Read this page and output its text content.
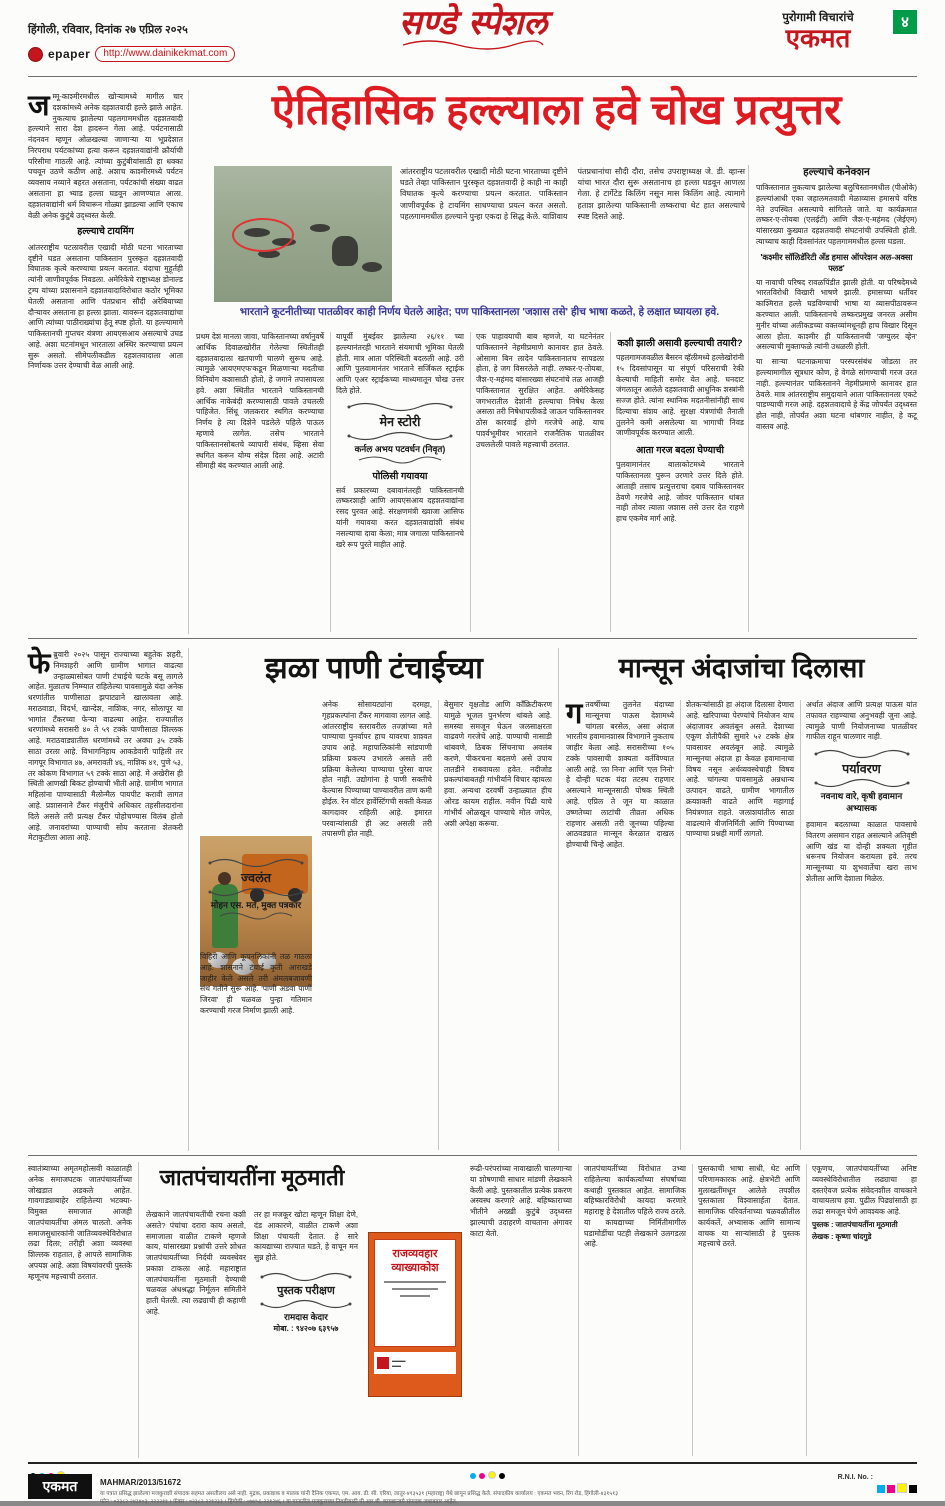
हिंगोली, रविवार, दिनांक २७ एप्रिल २०२५
epaper	http://www.dainikekmat.com
सण्डे स्पेशल	पुरोगामी विचारांचे
एकमत
४
ऐतिहासिक हल्ल्याला हवे चोख प्रत्युत्तर
ज म्मू-काश्मीरमधील खोऱ्यामध्ये मागील चार दशकांमध्ये अनेक दहशतवादी हल्ले झाले आहेत. नुकत्याच झालेल्या पहलगाममधील दहशतवादी हल्ल्याने सारा देश हादरून गेला आहे. पर्यटनासाठी नंदनवन म्हणून ओळखल्या जाणाऱ्या या भूप्रदेशात निरपराध पर्यटकांच्या हत्या करून दहशतवाद्यांनी क्रौर्याची परिसीमा गाठली आहे. त्यांच्या कुटुंबीयांसाठी हा धक्का पचवून उठणे कठीण आहे. अशाच काश्मीरमध्ये पर्यटन व्यवसाय नव्याने बहरत असताना, पर्यटकांची संख्या वाढत असताना हा भ्याड हल्ला घडवून आणण्यात आला. दहशतवाद्यांनी धर्म विचारून गोळ्या झाडल्या आणि एकाच वेळी अनेक कुटुंबे उद्ध्वस्त केली.

हल्ल्याचे टायमिंग

आंतरराष्ट्रीय पटलावरील एखादी मोठी घटना भारताच्या दृष्टीने घडत असताना पाकिस्तान पुरस्कृत दहशतवादी विघातक कृत्ये करण्याचा प्रयत्न करतात. यंदाचा मुहूर्तही त्यांनी जाणीवपूर्वक निवडला. अमेरिकेचे राष्ट्राध्यक्ष डोनाल्ड ट्रम्प यांच्या प्रशासनाने दहशतवादाविरोधात कठोर भूमिका घेतली असताना आणि पंतप्रधान सौदी अरेबियाच्या दौऱ्यावर असताना हा हल्ला झाला. यावरून दहशतवाद्यांचा आणि त्यांच्या पाठीराख्यांचा हेतू स्पष्ट होतो. या हल्ल्यामागे पाकिस्तानची गुप्तचर यंत्रणा आयएसआय असल्याचे उघड आहे. अशा घटनांमधून भारताला अस्थिर करण्याचा प्रयत्न सुरू असतो. सीमेपलीकडील दहशतवादाला आता निर्णायक उत्तर देण्याची वेळ आली आहे.

आंतरराष्ट्रीय पटलावरील एखादी मोठी घटना भारताच्या दृष्टीने घडते तेव्हा पाकिस्तान पुरस्कृत दहशतवादी हे काही ना काही विघातक कृत्ये करण्याचा प्रयत्न करतात. पाकिस्तान जाणीवपूर्वक हे टायमिंग साधण्याचा प्रयत्न करत असतो. पहलगाममधील हल्ल्याने पुन्हा एकदा हे सिद्ध केले. याशिवाय पंतप्रधानांचा सौदी दौरा, तसेच उपराष्ट्राध्यक्ष जे. डी. व्हान्स यांचा भारत दौरा सुरू असतानाच हा हल्ला घडवून आणला गेला. हे टार्गेटेड किलिंग नसून मास किलिंग आहे. त्यामागे हताश झालेल्या पाकिस्तानी लष्कराचा थेट हात असल्याचे स्पष्ट दिसते आहे.
भारताने कूटनीतीच्या पातळीवर काही निर्णय घेतले आहेत; पण पाकिस्तानला 'जशास तसे' हीच भाषा कळते, हे लक्षात घ्यायला हवे.
प्रथम देश मानला जावा, पाकिस्तानच्या वर्षानुवर्षे आर्थिक दिवाळखोरीत गेलेल्या स्थितीतही दहशतवादाला खतपाणी घालणे सुरूच आहे. त्यामुळे 'आयएमएफ'कडून मिळणाऱ्या मदतीचा विनियोग कशासाठी होतो, हे जगाने तपासायला हवे. अशा स्थितीत भारताने पाकिस्तानची आर्थिक नाकेबंदी करण्यासाठी पावले उचलली पाहिजेत. सिंधू जलकरार स्थगित करण्याचा निर्णय हे त्या दिशेने पडलेले पहिले पाऊल म्हणावे लागेल. तसेच भारताने पाकिस्तानसोबतचे व्यापारी संबंध, व्हिसा सेवा स्थगित करून योग्य संदेश दिला आहे. अटारी सीमाही बंद करण्यात आली आहे.
यापूर्वी मुंबईवर झालेल्या २६/११ च्या हल्ल्यानंतरही भारताने संयमाची भूमिका घेतली होती. मात्र आता परिस्थिती बदलली आहे. उरी आणि पुलवामानंतर भारताने सर्जिकल स्ट्राईक आणि एअर स्ट्राईकच्या माध्यमातून चोख उत्तर दिले होते.
मेन स्टोरी
कर्नल अभय पटवर्धन (निवृत)
पोलिसी गयावया
सर्व प्रकारच्या दबावानंतरही पाकिस्तानची लष्करशाही आणि आयएसआय दहशतवाद्यांना रसद पुरवत आहे. संरक्षणमंत्री ख्वाजा आसिफ यांनी गयावया करत दहशतवाद्यांशी संबंध नसल्याचा दावा केला; मात्र जगाला पाकिस्तानचे खरे रूप पुरते माहीत आहे.
एक पाहावयाची बाब म्हणजे, या घटनेनंतर पाकिस्तानने नेहमीप्रमाणे कानावर हात ठेवले. ओसामा बिन लादेन पाकिस्तानातच सापडला होता, हे जग विसरलेले नाही. लष्कर-ए-तोयबा, जैश-ए-महंमद यांसारख्या संघटनांचे तळ आजही पाकिस्तानात सुरक्षित आहेत. अमेरिकेसह जगभरातील देशांनी हल्ल्याचा निषेध केला असला तरी निषेधापलीकडे जाऊन पाकिस्तानवर ठोस कारवाई होणे गरजेचे आहे. याच पार्श्वभूमीवर भारताने राजनैतिक पातळीवर उचललेली पावले महत्त्वाची ठरतात.
कशी झाली असावी हल्ल्याची तयारी?
पहलगामजवळील बैसरन व्हॅलीमध्ये हल्लेखोरांनी १५ दिवसांपासून या संपूर्ण परिसराची रेकी केल्याची माहिती समोर येत आहे. घनदाट जंगलातून आलेले दहशतवादी आधुनिक शस्त्रांनी सज्ज होते. त्यांना स्थानिक मदतनीसांनीही साथ दिल्याचा संशय आहे. सुरक्षा यंत्रणांची तैनाती तुलनेने कमी असलेल्या या भागाची निवड जाणीवपूर्वक करण्यात आली.
आता गरज बदला घेण्याची
पुलवामानंतर बालाकोटमध्ये भारताने पाकिस्तानला पुरून उरणारे उत्तर दिले होते. आताही तसाच प्रत्युत्तराचा दबाव पाकिस्तानवर ठेवणे गरजेचे आहे. जोवर पाकिस्तान थांबत नाही तोवर त्याला जशास तसे उत्तर देत राहणे हाच एकमेव मार्ग आहे.
हल्ल्याचे कनेक्शन
पाकिस्तानात नुकत्याच झालेल्या बलुचिस्तानमधील (पीओके) हल्ल्यांआधी एका जहालमतवादी मेळाव्यास हमासचे वरिष्ठ नेते उपस्थित असल्याचे सांगितले जाते. या कार्यक्रमात लष्कर-ए-तोयबा (एलईटी) आणि जैश-ए-महंमद (जेईएम) यांसारख्या कुख्यात दहशतवादी संघटनांची उपस्थिती होती. त्याच्याच काही दिवसांनंतर पहलगाममधील हल्ला घडला.
'कश्मीर सॉलिडॅरिटी अँड हमास ऑपरेशन अल-अक्सा फ्लड'
या नावाची परिषद रावळपिंडीत झाली होती. या परिषदेमध्ये भारतविरोधी विखारी भाषणे झाली. हमासच्या धर्तीवर काश्मिरात हल्ले घडविण्याची भाषा या व्यासपीठावरून करण्यात आली. पाकिस्तानचे लष्करप्रमुख जनरल असीम मुनीर यांच्या अलीकडच्या वक्तव्यांमधूनही हाच विखार दिसून आला होता. काश्मीर ही पाकिस्तानची 'जग्युलर व्हेन' असल्याची मुक्ताफळे त्यांनी उधळली होती.
या साऱ्या घटनाक्रमाचा परस्परसंबंध जोडला तर हल्ल्यामागील सूत्रधार कोण, हे वेगळे सांगण्याची गरज उरत नाही. हल्ल्यानंतर पाकिस्तानने नेहमीप्रमाणे कानावर हात ठेवले. मात्र आंतरराष्ट्रीय समुदायाने आता पाकिस्तानला एकटे पाडण्याची गरज आहे. दहशतवादाचे हे केंद्र जोपर्यंत उद्ध्वस्त होत नाही, तोपर्यंत अशा घटना थांबणार नाहीत, हे कटू वास्तव आहे.
फे ब्रुवारी २०२५ पासून राज्याच्या बहुतेक शहरी, निमशहरी आणि ग्रामीण भागात वाढत्या उन्हाळ्यासोबत पाणी टंचाईचे चटके बसू लागले आहेत. मुळातच निम्म्यात राहिलेल्या पावसामुळे यंदा अनेक धरणांतील पाणीसाठा झपाट्याने खालावला आहे. मराठवाडा, विदर्भ, खान्देश, नाशिक, नगर, सोलापूर या भागांत टँकरच्या फेऱ्या वाढल्या आहेत. राज्यातील धरणांमध्ये सरासरी ४० ते ५९ टक्के पाणीसाठा शिल्लक आहे. मराठवाड्यातील धरणांमध्ये तर अवघा ३५ टक्के साठा उरला आहे. विभागनिहाय आकडेवारी पाहिली तर नागपूर विभागात ४७, अमरावती ४६, नाशिक ४१, पुणे ५३, तर कोकण विभागात ५९ टक्के साठा आहे. मे अखेरीस ही स्थिती आणखी बिकट होण्याची भीती आहे. ग्रामीण भागात महिलांना पाण्यासाठी मैलोन्मैल पायपीट करावी लागत आहे. प्रशासनाने टँकर मंजुरीचे अधिकार तहसीलदारांना दिले असले तरी प्रत्यक्ष टँकर पोहोचण्यास विलंब होतो आहे. जनावरांच्या पाण्याची सोय करताना शेतकरी मेटाकुटीला आला आहे.

झळा पाणी टंचाईच्या
ज्वलंत
मोहन एस. मते, मुक्त पत्रकार
विहिरी आणि कूपनलिकांनी तळ गाठला आहे. शासनाने टंचाई कृती आराखडे जाहीर केले असले तरी अंमलबजावणी संथ गतीने सुरू आहे. 'पाणी अडवा पाणी जिरवा' ही चळवळ पुन्हा गतिमान करण्याची गरज निर्माण झाली आहे.
अनेक सोसायट्यांना दरमहा, गृहप्रकल्पांना टँकर मागवावा लागत आहे. आंतरराष्ट्रीय स्तरावरील तज्ज्ञांच्या मते पाण्याचा पुनर्वापर हाच यावरचा शाश्वत उपाय आहे. महापालिकांनी सांडपाणी प्रक्रिया प्रकल्प उभारले असले तरी प्रक्रिया केलेल्या पाण्याचा पुरेसा वापर होत नाही. उद्योगांना हे पाणी सक्तीचे केल्यास पिण्याच्या पाण्यावरील ताण कमी होईल. रेन वॉटर हार्वेस्टिंगची सक्ती केवळ कागदावर राहिली आहे. इमारत परवान्यांसाठी ही अट असली तरी तपासणी होत नाही.
बेसुमार वृक्षतोड आणि काँक्रिटीकरण यामुळे भूजल पुनर्भरण थांबले आहे. समस्या समजून घेऊन जलसाक्षरता वाढवणे गरजेचे आहे. पाण्याची नासाडी थांबवणे, ठिबक सिंचनाचा अवलंब करणे, पीकरचना बदलणे असे उपाय तातडीने राबवायला हवेत. नदीजोड प्रकल्पांबाबतही गांभीर्याने विचार व्हायला हवा. अन्यथा दरवर्षी उन्हाळ्यात हीच ओरड कायम राहील. नवीन पिढी याचे गांभीर्य ओळखून पाण्याचे मोल जपेल, अशी अपेक्षा करूया.
मान्सून अंदाजांचा दिलासा
ग तवर्षीच्या तुलनेत यंदाच्या मान्सूनचा पाऊस देशामध्ये चांगला बरसेल, असा अंदाज भारतीय हवामानशास्त्र विभागाने नुकताच जाहीर केला आहे. सरासरीच्या १०५ टक्के पावसाची शक्यता वर्तविण्यात आली आहे. 'ला निना' आणि 'एल निनो' हे दोन्ही घटक यंदा तटस्थ राहणार असल्याने मान्सूनसाठी पोषक स्थिती आहे. एप्रिल ते जून या काळात उष्णतेच्या लाटांची तीव्रता अधिक राहणार असली तरी जूनच्या पहिल्या आठवड्यात मान्सून केरळात दाखल होण्याची चिन्हे आहेत.

शेतकऱ्यांसाठी हा अंदाज दिलासा देणारा आहे. खरिपाच्या पेरण्यांचे नियोजन याच अंदाजावर अवलंबून असते. देशाच्या एकूण शेतीपैकी सुमारे ५२ टक्के क्षेत्र पावसावर अवलंबून आहे. त्यामुळे मान्सूनचा अंदाज हा केवळ हवामानाचा विषय नसून अर्थव्यवस्थेचाही विषय आहे. चांगल्या पावसामुळे अन्नधान्य उत्पादन वाढते, ग्रामीण भागातील क्रयशक्ती वाढते आणि महागाई नियंत्रणात राहते. जलाशयांतील साठा वाढल्याने वीजनिर्मिती आणि पिण्याच्या पाण्याचा प्रश्नही मार्गी लागतो.
अर्थात अंदाज आणि प्रत्यक्ष पाऊस यांत तफावत राहण्याचा अनुभवही जुना आहे. त्यामुळे पाणी नियोजनाच्या पातळीवर गाफील राहून चालणार नाही.
पर्यावरण
नवनाथ वारे, कृषी हवामान अभ्यासक
हवामान बदलाच्या काळात पावसाचे वितरण असमान राहत असल्याने अतिवृष्टी आणि खंड या दोन्ही शक्यता गृहीत धरूनच नियोजन करायला हवे. तरच मान्सूनच्या या शुभवार्तेचा खरा लाभ शेतीला आणि देशाला मिळेल.
स्वातंत्र्याच्या अमृतमहोत्सवी काळातही अनेक समाजघटक जातपंचायतींच्या जोखडात अडकले आहेत. गावगाड्याबाहेर राहिलेल्या भटक्या-विमुक्त समाजात आजही जातपंचायतींचा अंमल चालतो. अनेक समाजसुधारकांनी जातिव्यवस्थेविरोधात लढा दिला; तरीही अशा व्यवस्था शिल्लक राहतात, हे आपले सामाजिक अपयश आहे. अशा विषयांवरची पुस्तके म्हणूनच महत्त्वाची ठरतात.
जातपंचायतींना मूठमाती
लेखकाने जातपंचायतींची रचना कशी असते? पंचांचा दरारा काय असतो, समाजाला वाळीत टाकणे म्हणजे काय, यांसारख्या प्रश्नांची उत्तरे शोधत जातपंचायतींच्या निर्दयी व्यवस्थेवर प्रकाश टाकला आहे. महाराष्ट्रात जातपंचायतींना मूठमाती देण्याची चळवळ अंधश्रद्धा निर्मूलन समितीने हाती घेतली. त्या लढ्याची ही कहाणी आहे.
तर हा मजकूर खोटा म्हणून शिक्षा देणे, दंड आकारणे, वाळीत टाकणे अशा शिक्षा पंचायती देतात. हे सारे कायद्याच्या राज्यात घडते, हे वाचून मन सुन्न होते.
पुस्तक परीक्षण
रामदास केदार
मोबा. : ९४२०७ ६३९५७
राजव्यवहार
व्याख्याकोश
▬▬▬
▬▬
रूढी-परंपरांच्या नावाखाली चालणाऱ्या या शोषणाची साधार मांडणी लेखकाने केली आहे. पुस्तकातील प्रत्येक प्रकरण अस्वस्थ करणारे आहे. बहिष्काराच्या भीतीने अख्खी कुटुंबे उद्ध्वस्त झाल्याची उदाहरणे वाचताना अंगावर काटा येतो.
जातपंचायतींच्या विरोधात उभ्या राहिलेल्या कार्यकर्त्यांच्या संघर्षाच्या कथाही पुस्तकात आहेत. सामाजिक बहिष्कारविरोधी कायदा करणारे महाराष्ट्र हे देशातील पहिले राज्य ठरले. या कायद्याच्या निर्मितीमागील घडामोडींचा पटही लेखकाने उलगडला आहे.
पुस्तकाची भाषा साधी, थेट आणि परिणामकारक आहे. क्षेत्रभेटी आणि मुलाखतींमधून आलेले तपशील पुस्तकाला विश्वासार्हता देतात. सामाजिक परिवर्तनाच्या चळवळीतील कार्यकर्ते, अभ्यासक आणि सामान्य वाचक या साऱ्यांसाठी हे पुस्तक महत्त्वाचे ठरते.
एकूणच, जातपंचायतींच्या अनिष्ट व्यवस्थेविरोधातील लढ्याचा हा दस्तऐवज प्रत्येक संवेदनशील वाचकाने वाचायलाच हवा. पुढील पिढ्यांसाठी हा लढा समजून घेणे आवश्यक आहे.
पुस्तक : जातपंचायतींना मूठमाती
लेखक : कृष्णा चांदगुडे
एकमत	MAHMAR/2013/51672
या पत्रात प्रसिद्ध झालेल्या मजकुराशी संपादक सहमत असतीलच असे नाही. मुद्रक, प्रकाशक व मालक यांनी दैनिक एकमत, एम. आय. डी. सी. एरिया, लातूर-४१३५३१ (महाराष्ट्र) येथे छापून प्रसिद्ध केले. संपादकीय कार्यालय : एकमत भवन, रिंग रोड, हिंगोली-४३१५१३
फोन : ०२३८२-२४३४०३, २२२२११ । फॅक्स : ०२३८२-२२१२३३ । हिंगोली : ०७४५६-२२१२४६ । या पानातील मजकुराच्या निवडीसाठी पी.आर.बी. कायद्यान्वये संपादक जबाबदार आहेत.
R.N.I. No. :
